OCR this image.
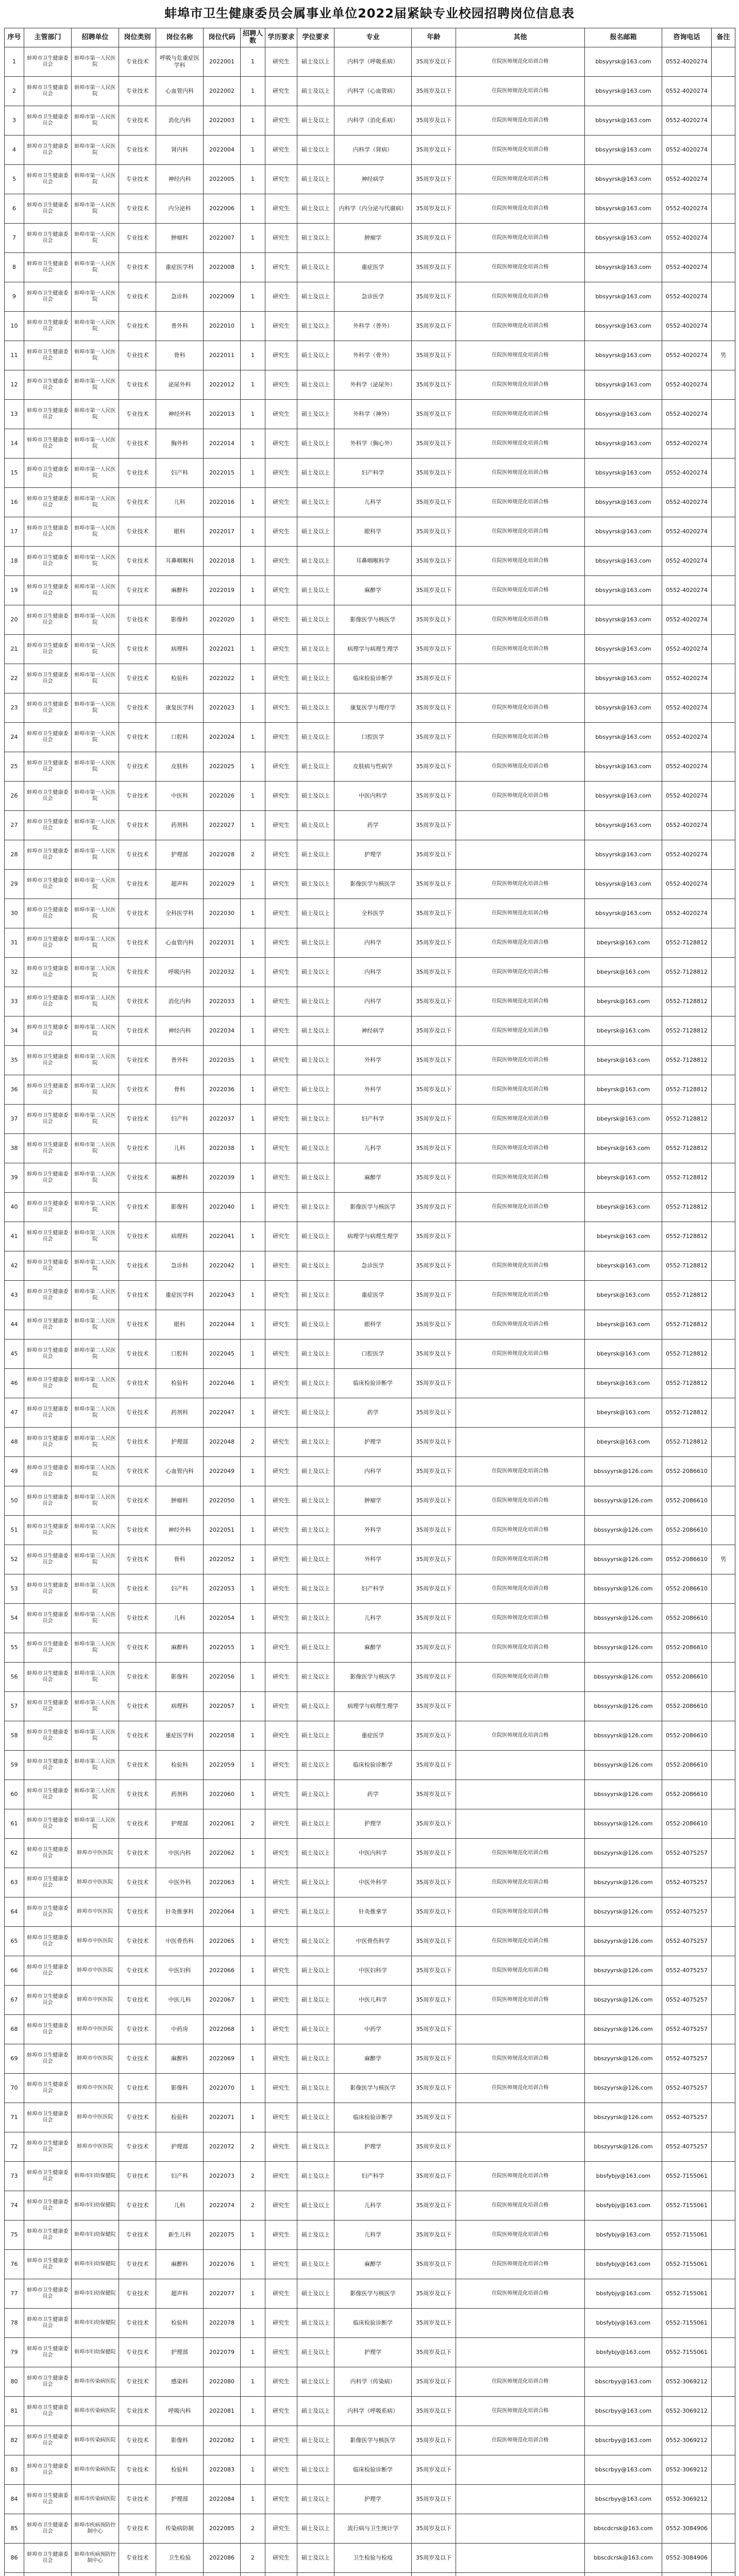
蚌埠市卫生健康委员会属事业单位2022届紧缺专业校园招聘岗位信息表
序号	主管部门	招聘单位	岗位类别	岗位名称	岗位代码	招聘人数	学历要求	学位要求	专业	年龄	其他	报名邮箱	咨询电话	备注
1	蚌埠市卫生健康委员会	蚌埠市第一人民医院	专业技术	呼吸与危重症医学科	2022001	1	研究生	硕士及以上	内科学（呼吸系病）	35周岁及以下	住院医师规范化培训合格	bbsyyrsk@163.com	0552-4020274	
2	蚌埠市卫生健康委员会	蚌埠市第一人民医院	专业技术	心血管内科	2022002	1	研究生	硕士及以上	内科学（心血管病）	35周岁及以下	住院医师规范化培训合格	bbsyyrsk@163.com	0552-4020274	
3	蚌埠市卫生健康委员会	蚌埠市第一人民医院	专业技术	消化内科	2022003	1	研究生	硕士及以上	内科学（消化系病）	35周岁及以下	住院医师规范化培训合格	bbsyyrsk@163.com	0552-4020274	
4	蚌埠市卫生健康委员会	蚌埠市第一人民医院	专业技术	肾内科	2022004	1	研究生	硕士及以上	内科学（肾病）	35周岁及以下	住院医师规范化培训合格	bbsyyrsk@163.com	0552-4020274	
5	蚌埠市卫生健康委员会	蚌埠市第一人民医院	专业技术	神经内科	2022005	1	研究生	硕士及以上	神经病学	35周岁及以下	住院医师规范化培训合格	bbsyyrsk@163.com	0552-4020274	
6	蚌埠市卫生健康委员会	蚌埠市第一人民医院	专业技术	内分泌科	2022006	1	研究生	硕士及以上	内科学（内分泌与代谢病）	35周岁及以下	住院医师规范化培训合格	bbsyyrsk@163.com	0552-4020274	
7	蚌埠市卫生健康委员会	蚌埠市第一人民医院	专业技术	肿瘤科	2022007	1	研究生	硕士及以上	肿瘤学	35周岁及以下	住院医师规范化培训合格	bbsyyrsk@163.com	0552-4020274	
8	蚌埠市卫生健康委员会	蚌埠市第一人民医院	专业技术	重症医学科	2022008	1	研究生	硕士及以上	重症医学	35周岁及以下	住院医师规范化培训合格	bbsyyrsk@163.com	0552-4020274	
9	蚌埠市卫生健康委员会	蚌埠市第一人民医院	专业技术	急诊科	2022009	1	研究生	硕士及以上	急诊医学	35周岁及以下	住院医师规范化培训合格	bbsyyrsk@163.com	0552-4020274	
10	蚌埠市卫生健康委员会	蚌埠市第一人民医院	专业技术	普外科	2022010	1	研究生	硕士及以上	外科学（普外）	35周岁及以下	住院医师规范化培训合格	bbsyyrsk@163.com	0552-4020274	
11	蚌埠市卫生健康委员会	蚌埠市第一人民医院	专业技术	骨科	2022011	1	研究生	硕士及以上	外科学（骨外）	35周岁及以下	住院医师规范化培训合格	bbsyyrsk@163.com	0552-4020274	男
12	蚌埠市卫生健康委员会	蚌埠市第一人民医院	专业技术	泌尿外科	2022012	1	研究生	硕士及以上	外科学（泌尿外）	35周岁及以下	住院医师规范化培训合格	bbsyyrsk@163.com	0552-4020274	
13	蚌埠市卫生健康委员会	蚌埠市第一人民医院	专业技术	神经外科	2022013	1	研究生	硕士及以上	外科学（神外）	35周岁及以下	住院医师规范化培训合格	bbsyyrsk@163.com	0552-4020274	
14	蚌埠市卫生健康委员会	蚌埠市第一人民医院	专业技术	胸外科	2022014	1	研究生	硕士及以上	外科学（胸心外）	35周岁及以下	住院医师规范化培训合格	bbsyyrsk@163.com	0552-4020274	
15	蚌埠市卫生健康委员会	蚌埠市第一人民医院	专业技术	妇产科	2022015	1	研究生	硕士及以上	妇产科学	35周岁及以下	住院医师规范化培训合格	bbsyyrsk@163.com	0552-4020274	
16	蚌埠市卫生健康委员会	蚌埠市第一人民医院	专业技术	儿科	2022016	1	研究生	硕士及以上	儿科学	35周岁及以下	住院医师规范化培训合格	bbsyyrsk@163.com	0552-4020274	
17	蚌埠市卫生健康委员会	蚌埠市第一人民医院	专业技术	眼科	2022017	1	研究生	硕士及以上	眼科学	35周岁及以下	住院医师规范化培训合格	bbsyyrsk@163.com	0552-4020274	
18	蚌埠市卫生健康委员会	蚌埠市第一人民医院	专业技术	耳鼻咽喉科	2022018	1	研究生	硕士及以上	耳鼻咽喉科学	35周岁及以下	住院医师规范化培训合格	bbsyyrsk@163.com	0552-4020274	
19	蚌埠市卫生健康委员会	蚌埠市第一人民医院	专业技术	麻醉科	2022019	1	研究生	硕士及以上	麻醉学	35周岁及以下	住院医师规范化培训合格	bbsyyrsk@163.com	0552-4020274	
20	蚌埠市卫生健康委员会	蚌埠市第一人民医院	专业技术	影像科	2022020	1	研究生	硕士及以上	影像医学与核医学	35周岁及以下	住院医师规范化培训合格	bbsyyrsk@163.com	0552-4020274	
21	蚌埠市卫生健康委员会	蚌埠市第一人民医院	专业技术	病理科	2022021	1	研究生	硕士及以上	病理学与病理生理学	35周岁及以下	住院医师规范化培训合格	bbsyyrsk@163.com	0552-4020274	
22	蚌埠市卫生健康委员会	蚌埠市第一人民医院	专业技术	检验科	2022022	1	研究生	硕士及以上	临床检验诊断学	35周岁及以下		bbsyyrsk@163.com	0552-4020274	
23	蚌埠市卫生健康委员会	蚌埠市第一人民医院	专业技术	康复医学科	2022023	1	研究生	硕士及以上	康复医学与理疗学	35周岁及以下	住院医师规范化培训合格	bbsyyrsk@163.com	0552-4020274	
24	蚌埠市卫生健康委员会	蚌埠市第一人民医院	专业技术	口腔科	2022024	1	研究生	硕士及以上	口腔医学	35周岁及以下	住院医师规范化培训合格	bbsyyrsk@163.com	0552-4020274	
25	蚌埠市卫生健康委员会	蚌埠市第一人民医院	专业技术	皮肤科	2022025	1	研究生	硕士及以上	皮肤病与性病学	35周岁及以下	住院医师规范化培训合格	bbsyyrsk@163.com	0552-4020274	
26	蚌埠市卫生健康委员会	蚌埠市第一人民医院	专业技术	中医科	2022026	1	研究生	硕士及以上	中医内科学	35周岁及以下	住院医师规范化培训合格	bbsyyrsk@163.com	0552-4020274	
27	蚌埠市卫生健康委员会	蚌埠市第一人民医院	专业技术	药剂科	2022027	1	研究生	硕士及以上	药学	35周岁及以下		bbsyyrsk@163.com	0552-4020274	
28	蚌埠市卫生健康委员会	蚌埠市第一人民医院	专业技术	护理部	2022028	2	研究生	硕士及以上	护理学	35周岁及以下		bbsyyrsk@163.com	0552-4020274	
29	蚌埠市卫生健康委员会	蚌埠市第一人民医院	专业技术	超声科	2022029	1	研究生	硕士及以上	影像医学与核医学	35周岁及以下	住院医师规范化培训合格	bbsyyrsk@163.com	0552-4020274	
30	蚌埠市卫生健康委员会	蚌埠市第一人民医院	专业技术	全科医学科	2022030	1	研究生	硕士及以上	全科医学	35周岁及以下	住院医师规范化培训合格	bbsyyrsk@163.com	0552-4020274	
31	蚌埠市卫生健康委员会	蚌埠市第二人民医院	专业技术	心血管内科	2022031	1	研究生	硕士及以上	内科学	35周岁及以下	住院医师规范化培训合格	bbeyrsk@163.com	0552-7128812	
32	蚌埠市卫生健康委员会	蚌埠市第二人民医院	专业技术	呼吸内科	2022032	1	研究生	硕士及以上	内科学	35周岁及以下	住院医师规范化培训合格	bbeyrsk@163.com	0552-7128812	
33	蚌埠市卫生健康委员会	蚌埠市第二人民医院	专业技术	消化内科	2022033	1	研究生	硕士及以上	内科学	35周岁及以下	住院医师规范化培训合格	bbeyrsk@163.com	0552-7128812	
34	蚌埠市卫生健康委员会	蚌埠市第二人民医院	专业技术	神经内科	2022034	1	研究生	硕士及以上	神经病学	35周岁及以下	住院医师规范化培训合格	bbeyrsk@163.com	0552-7128812	
35	蚌埠市卫生健康委员会	蚌埠市第二人民医院	专业技术	普外科	2022035	1	研究生	硕士及以上	外科学	35周岁及以下	住院医师规范化培训合格	bbeyrsk@163.com	0552-7128812	
36	蚌埠市卫生健康委员会	蚌埠市第二人民医院	专业技术	骨科	2022036	1	研究生	硕士及以上	外科学	35周岁及以下	住院医师规范化培训合格	bbeyrsk@163.com	0552-7128812	
37	蚌埠市卫生健康委员会	蚌埠市第二人民医院	专业技术	妇产科	2022037	1	研究生	硕士及以上	妇产科学	35周岁及以下	住院医师规范化培训合格	bbeyrsk@163.com	0552-7128812	
38	蚌埠市卫生健康委员会	蚌埠市第二人民医院	专业技术	儿科	2022038	1	研究生	硕士及以上	儿科学	35周岁及以下	住院医师规范化培训合格	bbeyrsk@163.com	0552-7128812	
39	蚌埠市卫生健康委员会	蚌埠市第二人民医院	专业技术	麻醉科	2022039	1	研究生	硕士及以上	麻醉学	35周岁及以下	住院医师规范化培训合格	bbeyrsk@163.com	0552-7128812	
40	蚌埠市卫生健康委员会	蚌埠市第二人民医院	专业技术	影像科	2022040	1	研究生	硕士及以上	影像医学与核医学	35周岁及以下	住院医师规范化培训合格	bbeyrsk@163.com	0552-7128812	
41	蚌埠市卫生健康委员会	蚌埠市第二人民医院	专业技术	病理科	2022041	1	研究生	硕士及以上	病理学与病理生理学	35周岁及以下		bbeyrsk@163.com	0552-7128812	
42	蚌埠市卫生健康委员会	蚌埠市第二人民医院	专业技术	急诊科	2022042	1	研究生	硕士及以上	急诊医学	35周岁及以下	住院医师规范化培训合格	bbeyrsk@163.com	0552-7128812	
43	蚌埠市卫生健康委员会	蚌埠市第二人民医院	专业技术	重症医学科	2022043	1	研究生	硕士及以上	重症医学	35周岁及以下	住院医师规范化培训合格	bbeyrsk@163.com	0552-7128812	
44	蚌埠市卫生健康委员会	蚌埠市第二人民医院	专业技术	眼科	2022044	1	研究生	硕士及以上	眼科学	35周岁及以下	住院医师规范化培训合格	bbeyrsk@163.com	0552-7128812	
45	蚌埠市卫生健康委员会	蚌埠市第二人民医院	专业技术	口腔科	2022045	1	研究生	硕士及以上	口腔医学	35周岁及以下	住院医师规范化培训合格	bbeyrsk@163.com	0552-7128812	
46	蚌埠市卫生健康委员会	蚌埠市第二人民医院	专业技术	检验科	2022046	1	研究生	硕士及以上	临床检验诊断学	35周岁及以下		bbeyrsk@163.com	0552-7128812	
47	蚌埠市卫生健康委员会	蚌埠市第二人民医院	专业技术	药剂科	2022047	1	研究生	硕士及以上	药学	35周岁及以下		bbeyrsk@163.com	0552-7128812	
48	蚌埠市卫生健康委员会	蚌埠市第二人民医院	专业技术	护理部	2022048	2	研究生	硕士及以上	护理学	35周岁及以下		bbeyrsk@163.com	0552-7128812	
49	蚌埠市卫生健康委员会	蚌埠市第三人民医院	专业技术	心血管内科	2022049	1	研究生	硕士及以上	内科学	35周岁及以下	住院医师规范化培训合格	bbssyyrsk@126.com	0552-2086610	
50	蚌埠市卫生健康委员会	蚌埠市第三人民医院	专业技术	肿瘤科	2022050	1	研究生	硕士及以上	肿瘤学	35周岁及以下	住院医师规范化培训合格	bbssyyrsk@126.com	0552-2086610	
51	蚌埠市卫生健康委员会	蚌埠市第三人民医院	专业技术	神经外科	2022051	1	研究生	硕士及以上	外科学	35周岁及以下	住院医师规范化培训合格	bbssyyrsk@126.com	0552-2086610	
52	蚌埠市卫生健康委员会	蚌埠市第三人民医院	专业技术	骨科	2022052	1	研究生	硕士及以上	外科学	35周岁及以下	住院医师规范化培训合格	bbssyyrsk@126.com	0552-2086610	男
53	蚌埠市卫生健康委员会	蚌埠市第三人民医院	专业技术	妇产科	2022053	1	研究生	硕士及以上	妇产科学	35周岁及以下	住院医师规范化培训合格	bbssyyrsk@126.com	0552-2086610	
54	蚌埠市卫生健康委员会	蚌埠市第三人民医院	专业技术	儿科	2022054	1	研究生	硕士及以上	儿科学	35周岁及以下	住院医师规范化培训合格	bbssyyrsk@126.com	0552-2086610	
55	蚌埠市卫生健康委员会	蚌埠市第三人民医院	专业技术	麻醉科	2022055	1	研究生	硕士及以上	麻醉学	35周岁及以下	住院医师规范化培训合格	bbssyyrsk@126.com	0552-2086610	
56	蚌埠市卫生健康委员会	蚌埠市第三人民医院	专业技术	影像科	2022056	1	研究生	硕士及以上	影像医学与核医学	35周岁及以下	住院医师规范化培训合格	bbssyyrsk@126.com	0552-2086610	
57	蚌埠市卫生健康委员会	蚌埠市第三人民医院	专业技术	病理科	2022057	1	研究生	硕士及以上	病理学与病理生理学	35周岁及以下		bbssyyrsk@126.com	0552-2086610	
58	蚌埠市卫生健康委员会	蚌埠市第三人民医院	专业技术	重症医学科	2022058	1	研究生	硕士及以上	重症医学	35周岁及以下	住院医师规范化培训合格	bbssyyrsk@126.com	0552-2086610	
59	蚌埠市卫生健康委员会	蚌埠市第三人民医院	专业技术	检验科	2022059	1	研究生	硕士及以上	临床检验诊断学	35周岁及以下		bbssyyrsk@126.com	0552-2086610	
60	蚌埠市卫生健康委员会	蚌埠市第三人民医院	专业技术	药剂科	2022060	1	研究生	硕士及以上	药学	35周岁及以下		bbssyyrsk@126.com	0552-2086610	
61	蚌埠市卫生健康委员会	蚌埠市第三人民医院	专业技术	护理部	2022061	2	研究生	硕士及以上	护理学	35周岁及以下		bbssyyrsk@126.com	0552-2086610	
62	蚌埠市卫生健康委员会	蚌埠市中医医院	专业技术	中医内科	2022062	1	研究生	硕士及以上	中医内科学	35周岁及以下	住院医师规范化培训合格	bbszyyrsk@126.com	0552-4075257	
63	蚌埠市卫生健康委员会	蚌埠市中医医院	专业技术	中医外科	2022063	1	研究生	硕士及以上	中医外科学	35周岁及以下	住院医师规范化培训合格	bbszyyrsk@126.com	0552-4075257	
64	蚌埠市卫生健康委员会	蚌埠市中医医院	专业技术	针灸推拿科	2022064	1	研究生	硕士及以上	针灸推拿学	35周岁及以下	住院医师规范化培训合格	bbszyyrsk@126.com	0552-4075257	
65	蚌埠市卫生健康委员会	蚌埠市中医医院	专业技术	中医骨伤科	2022065	1	研究生	硕士及以上	中医骨伤科学	35周岁及以下	住院医师规范化培训合格	bbszyyrsk@126.com	0552-4075257	
66	蚌埠市卫生健康委员会	蚌埠市中医医院	专业技术	中医妇科	2022066	1	研究生	硕士及以上	中医妇科学	35周岁及以下	住院医师规范化培训合格	bbszyyrsk@126.com	0552-4075257	
67	蚌埠市卫生健康委员会	蚌埠市中医医院	专业技术	中医儿科	2022067	1	研究生	硕士及以上	中医儿科学	35周岁及以下	住院医师规范化培训合格	bbszyyrsk@126.com	0552-4075257	
68	蚌埠市卫生健康委员会	蚌埠市中医医院	专业技术	中药房	2022068	1	研究生	硕士及以上	中药学	35周岁及以下		bbszyyrsk@126.com	0552-4075257	
69	蚌埠市卫生健康委员会	蚌埠市中医医院	专业技术	麻醉科	2022069	1	研究生	硕士及以上	麻醉学	35周岁及以下	住院医师规范化培训合格	bbszyyrsk@126.com	0552-4075257	
70	蚌埠市卫生健康委员会	蚌埠市中医医院	专业技术	影像科	2022070	1	研究生	硕士及以上	影像医学与核医学	35周岁及以下	住院医师规范化培训合格	bbszyyrsk@126.com	0552-4075257	
71	蚌埠市卫生健康委员会	蚌埠市中医医院	专业技术	检验科	2022071	1	研究生	硕士及以上	临床检验诊断学	35周岁及以下		bbszyyrsk@126.com	0552-4075257	
72	蚌埠市卫生健康委员会	蚌埠市中医医院	专业技术	护理部	2022072	2	研究生	硕士及以上	护理学	35周岁及以下		bbszyyrsk@126.com	0552-4075257	
73	蚌埠市卫生健康委员会	蚌埠市妇幼保健院	专业技术	妇产科	2022073	2	研究生	硕士及以上	妇产科学	35周岁及以下	住院医师规范化培训合格	bbsfybjy@163.com	0552-7155061	
74	蚌埠市卫生健康委员会	蚌埠市妇幼保健院	专业技术	儿科	2022074	2	研究生	硕士及以上	儿科学	35周岁及以下	住院医师规范化培训合格	bbsfybjy@163.com	0552-7155061	
75	蚌埠市卫生健康委员会	蚌埠市妇幼保健院	专业技术	新生儿科	2022075	1	研究生	硕士及以上	儿科学	35周岁及以下	住院医师规范化培训合格	bbsfybjy@163.com	0552-7155061	
76	蚌埠市卫生健康委员会	蚌埠市妇幼保健院	专业技术	麻醉科	2022076	1	研究生	硕士及以上	麻醉学	35周岁及以下	住院医师规范化培训合格	bbsfybjy@163.com	0552-7155061	
77	蚌埠市卫生健康委员会	蚌埠市妇幼保健院	专业技术	超声科	2022077	1	研究生	硕士及以上	影像医学与核医学	35周岁及以下	住院医师规范化培训合格	bbsfybjy@163.com	0552-7155061	
78	蚌埠市卫生健康委员会	蚌埠市妇幼保健院	专业技术	检验科	2022078	1	研究生	硕士及以上	临床检验诊断学	35周岁及以下		bbsfybjy@163.com	0552-7155061	
79	蚌埠市卫生健康委员会	蚌埠市妇幼保健院	专业技术	护理部	2022079	1	研究生	硕士及以上	护理学	35周岁及以下		bbsfybjy@163.com	0552-7155061	
80	蚌埠市卫生健康委员会	蚌埠市传染病医院	专业技术	感染科	2022080	1	研究生	硕士及以上	内科学（传染病）	35周岁及以下	住院医师规范化培训合格	bbscrbyy@163.com	0552-3069212	
81	蚌埠市卫生健康委员会	蚌埠市传染病医院	专业技术	呼吸内科	2022081	1	研究生	硕士及以上	内科学（呼吸系病）	35周岁及以下	住院医师规范化培训合格	bbscrbyy@163.com	0552-3069212	
82	蚌埠市卫生健康委员会	蚌埠市传染病医院	专业技术	影像科	2022082	1	研究生	硕士及以上	影像医学与核医学	35周岁及以下	住院医师规范化培训合格	bbscrbyy@163.com	0552-3069212	
83	蚌埠市卫生健康委员会	蚌埠市传染病医院	专业技术	检验科	2022083	1	研究生	硕士及以上	临床检验诊断学	35周岁及以下		bbscrbyy@163.com	0552-3069212	
84	蚌埠市卫生健康委员会	蚌埠市传染病医院	专业技术	护理部	2022084	1	研究生	硕士及以上	护理学	35周岁及以下		bbscrbyy@163.com	0552-3069212	
85	蚌埠市卫生健康委员会	蚌埠市疾病预防控制中心	专业技术	传染病防制	2022085	2	研究生	硕士及以上	流行病与卫生统计学	35周岁及以下		bbscdcrsk@163.com	0552-3084906	
86	蚌埠市卫生健康委员会	蚌埠市疾病预防控制中心	专业技术	卫生检验	2022086	2	研究生	硕士及以上	卫生检验与检疫	35周岁及以下		bbscdcrsk@163.com	0552-3084906	
